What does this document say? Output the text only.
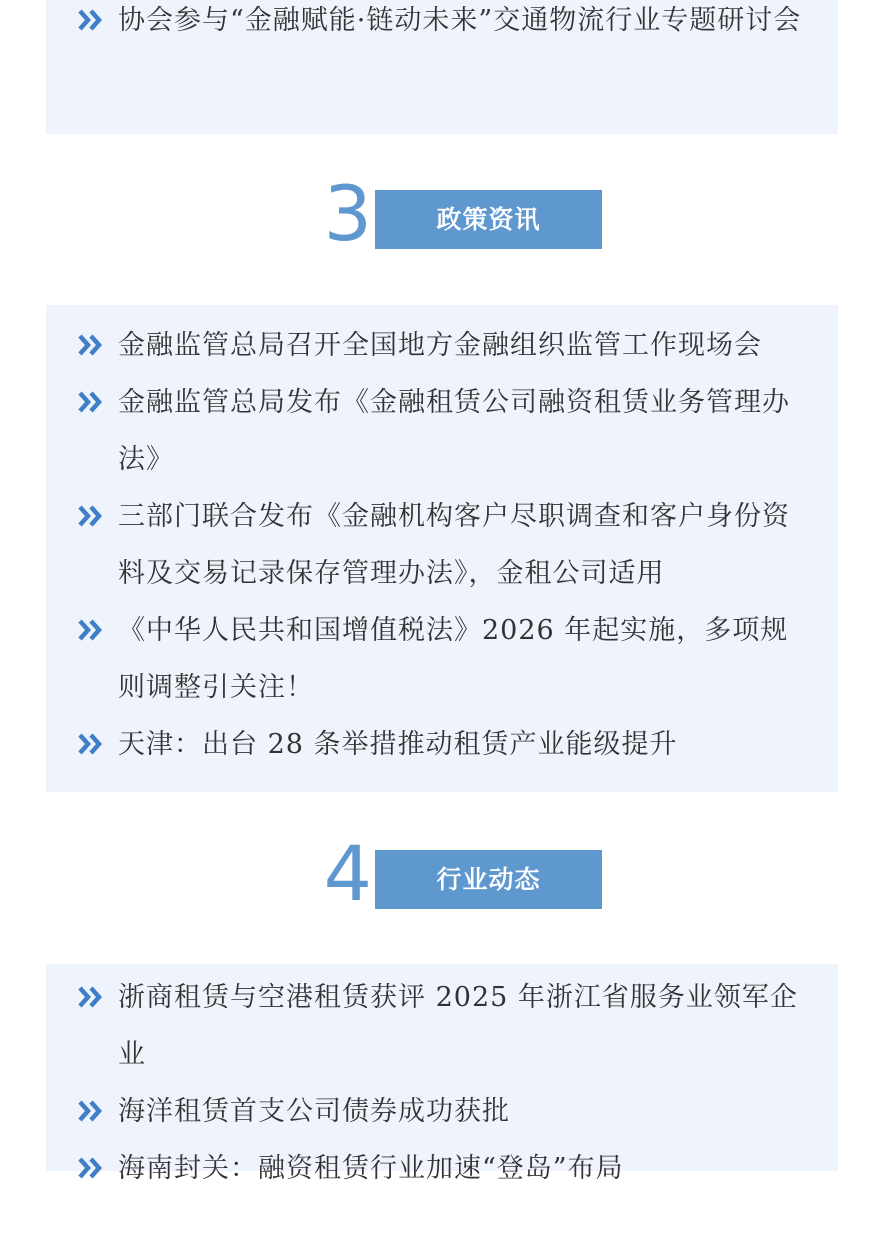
协会参与“金融赋能·链动未来”交通物流行业专题研讨会
3	政策资讯
金融监管总局召开全国地方金融组织监管工作现场会
金融监管总局发布《金融租赁公司融资租赁业务管理办法》
三部门联合发布《金融机构客户尽职调查和客户身份资料及交易记录保存管理办法》，金租公司适用
《中华人民共和国增值税法》2026 年起实施，多项规则调整引关注！
天津：出台 28 条举措推动租赁产业能级提升
4	行业动态
浙商租赁与空港租赁获评 2025 年浙江省服务业领军企业
海洋租赁首支公司债券成功获批
海南封关：融资租赁行业加速“登岛”布局
